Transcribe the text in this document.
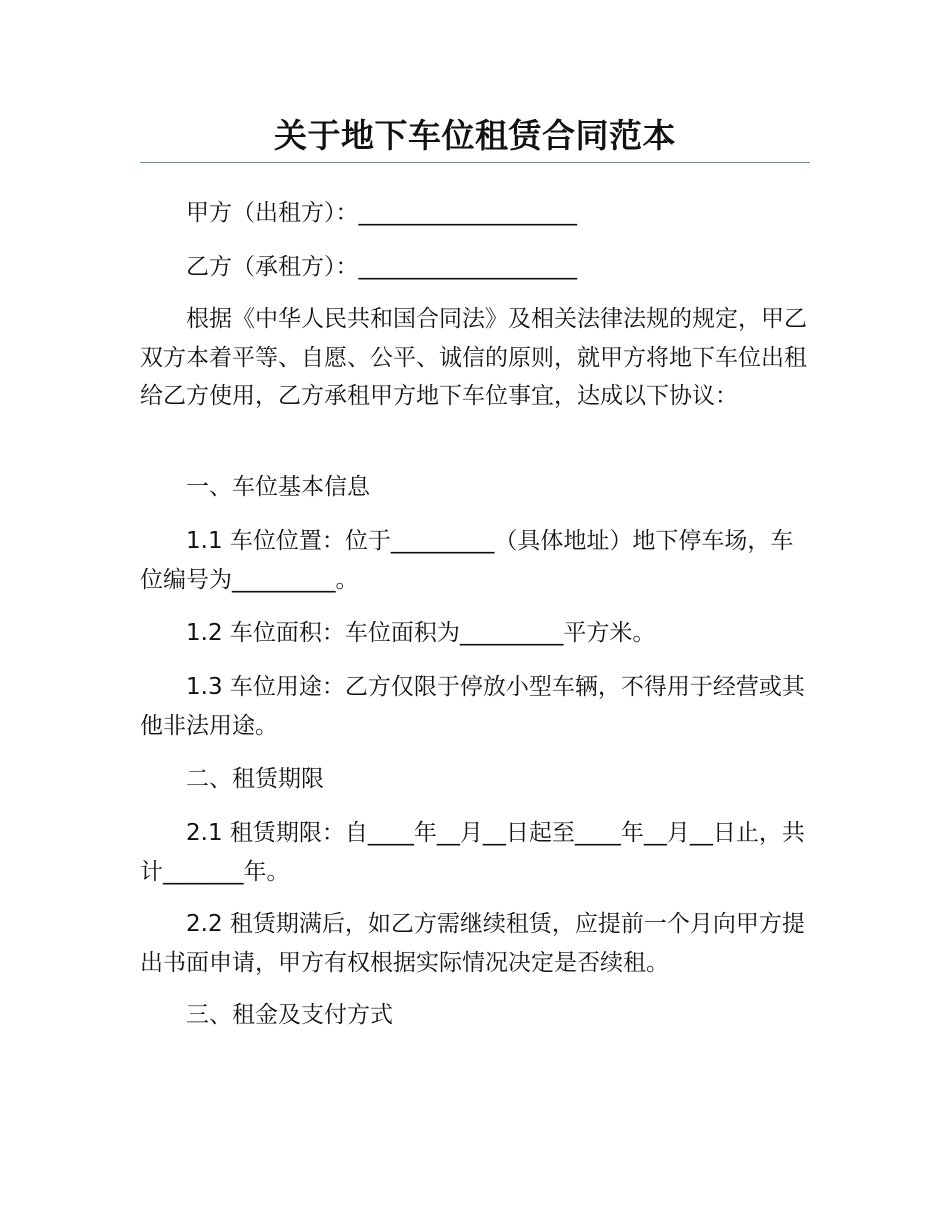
关于地下车位租赁合同范本

甲方（出租方）：___________________

乙方（承租方）：___________________

根据《中华人民共和国合同法》及相关法律法规的规定，甲乙双方本着平等、自愿、公平、诚信的原则，就甲方将地下车位出租给乙方使用，乙方承租甲方地下车位事宜，达成以下协议：

一、车位基本信息

1.1 车位位置：位于_________（具体地址）地下停车场，车位编号为_________。

1.2 车位面积：车位面积为_________平方米。

1.3 车位用途：乙方仅限于停放小型车辆，不得用于经营或其他非法用途。

二、租赁期限

2.1 租赁期限：自____年__月__日起至____年__月__日止，共计_______年。

2.2 租赁期满后，如乙方需继续租赁，应提前一个月向甲方提出书面申请，甲方有权根据实际情况决定是否续租。

三、租金及支付方式
